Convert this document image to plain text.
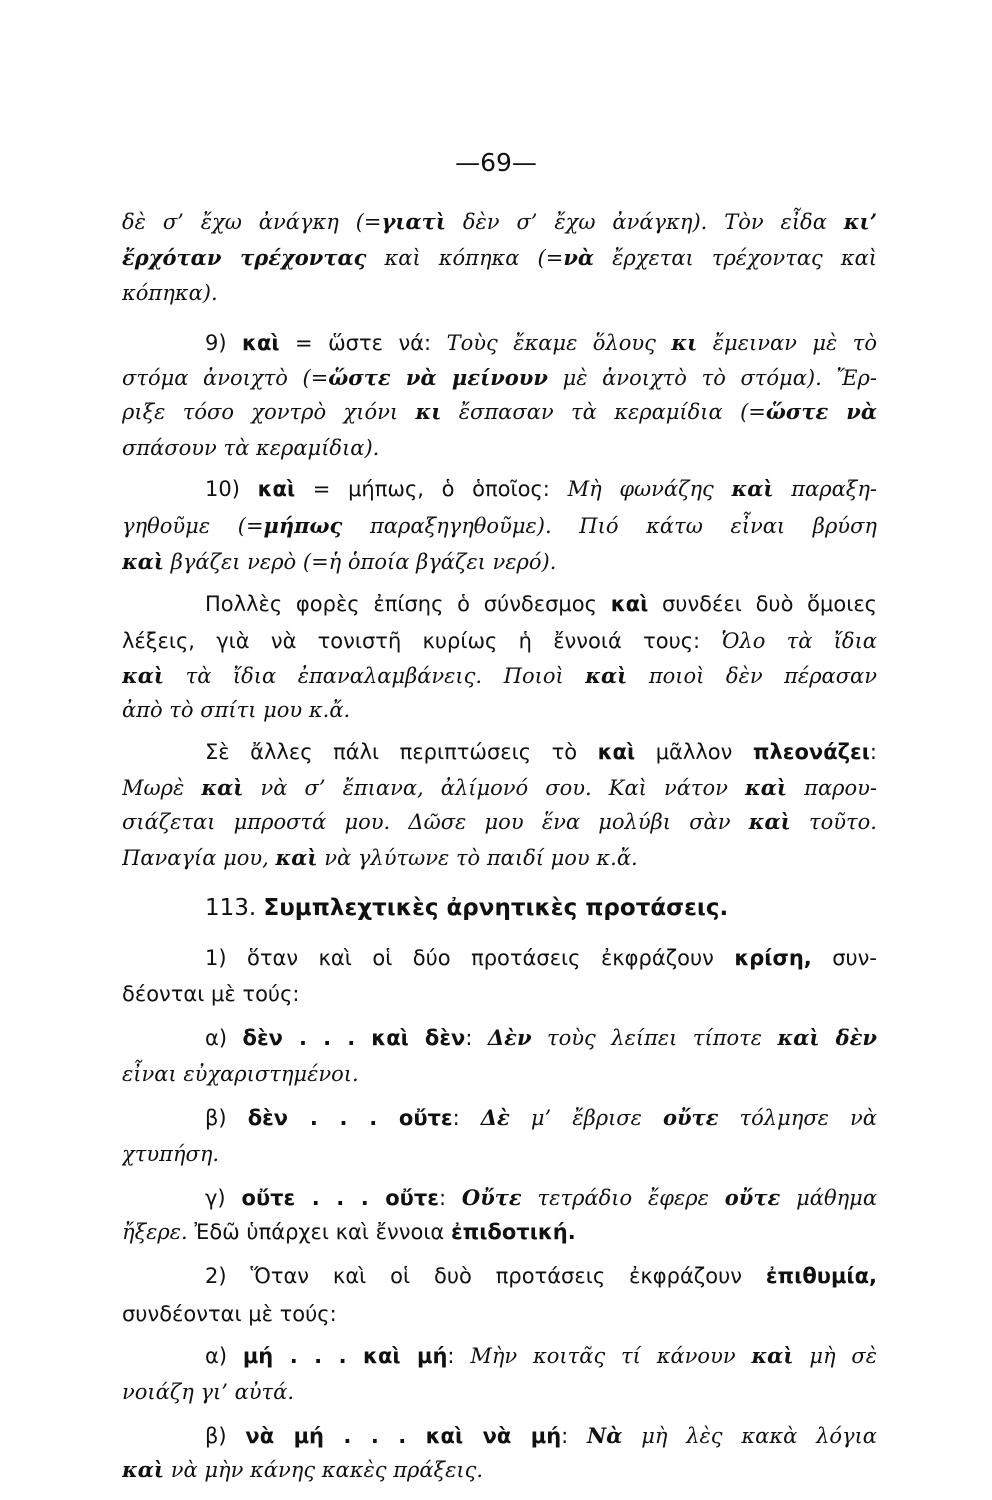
—69—
δὲ σ’ ἔχω ἀνάγκη (=γιατὶ δὲν σ’ ἔχω ἀνάγκη). Τὸν εἶδα κι’
ἔρχόταν τρέχοντας καὶ κόπηκα (=νὰ ἔρχεται τρέχοντας καὶ
κόπηκα).
9) καὶ = ὥστε νά: Τοὺς ἔκαμε ὅλους κι ἔμειναν μὲ τὸ
στόμα ἀνοιχτὸ (=ὥστε νὰ μείνουν μὲ ἀνοιχτὸ τὸ στόμα). Ἔρ-
ριξε τόσο χοντρὸ χιόνι κι ἔσπασαν τὰ κεραμίδια (=ὥστε νὰ
σπάσουν τὰ κεραμίδια).
10) καὶ = μήπως, ὁ ὁποῖος: Μὴ φωνάζης καὶ παραξη-
γηθοῦμε (=μήπως παραξηγηθοῦμε). Πιό κάτω εἶναι βρύση
καὶ βγάζει νερὸ (=ἡ ὁποία βγάζει νερό).
Πολλὲς φορὲς ἐπίσης ὁ σύνδεσμος καὶ συνδέει δυὸ ὅμοιες
λέξεις, γιὰ νὰ τονιστῆ κυρίως ἡ ἔννοιά τους: Ὁλο τὰ ἴδια
καὶ τὰ ἴδια ἐπαναλαμβάνεις. Ποιοὶ καὶ ποιοὶ δὲν πέρασαν
ἀπὸ τὸ σπίτι μου κ.ἄ.
Σὲ ἄλλες πάλι περιπτώσεις τὸ καὶ μᾶλλον πλεονάζει:
Μωρὲ καὶ νὰ σ’ ἔπιανα, ἀλίμονό σου. Καὶ νάτον καὶ παρου-
σιάζεται μπροστά μου. Δῶσε μου ἕνα μολύβι σὰν καὶ τοῦτο.
Παναγία μου, καὶ νὰ γλύτωνε τὸ παιδί μου κ.ἄ.
113. Συμπλεχτικὲς ἀρνητικὲς προτάσεις.
1) ὅταν καὶ οἱ δύο προτάσεις ἐκφράζουν κρίση, συν-
δέονται μὲ τούς:
α) δὲν . . . καὶ δὲν: Δὲν τοὺς λείπει τίποτε καὶ δὲν
εἶναι εὐχαριστημένοι.
β) δὲν . . . οὔτε: Δὲ μ’ ἔβρισε οὔτε τόλμησε νὰ
χτυπήση.
γ) οὔτε . . . οὔτε: Οὔτε τετράδιο ἔφερε οὔτε μάθημα
ἤξερε. Ἐδῶ ὑπάρχει καὶ ἔννοια ἐπιδοτική.
2) Ὅταν καὶ οἱ δυὸ προτάσεις ἐκφράζουν ἐπιθυμία,
συνδέονται μὲ τούς:
α) μή . . . καὶ μή: Μὴν κοιτᾶς τί κάνουν καὶ μὴ σὲ
νοιάζη γι’ αὐτά.
β) νὰ μή . . . καὶ νὰ μή: Νὰ μὴ λὲς κακὰ λόγια
καὶ νὰ μὴν κάνης κακὲς πράξεις.
